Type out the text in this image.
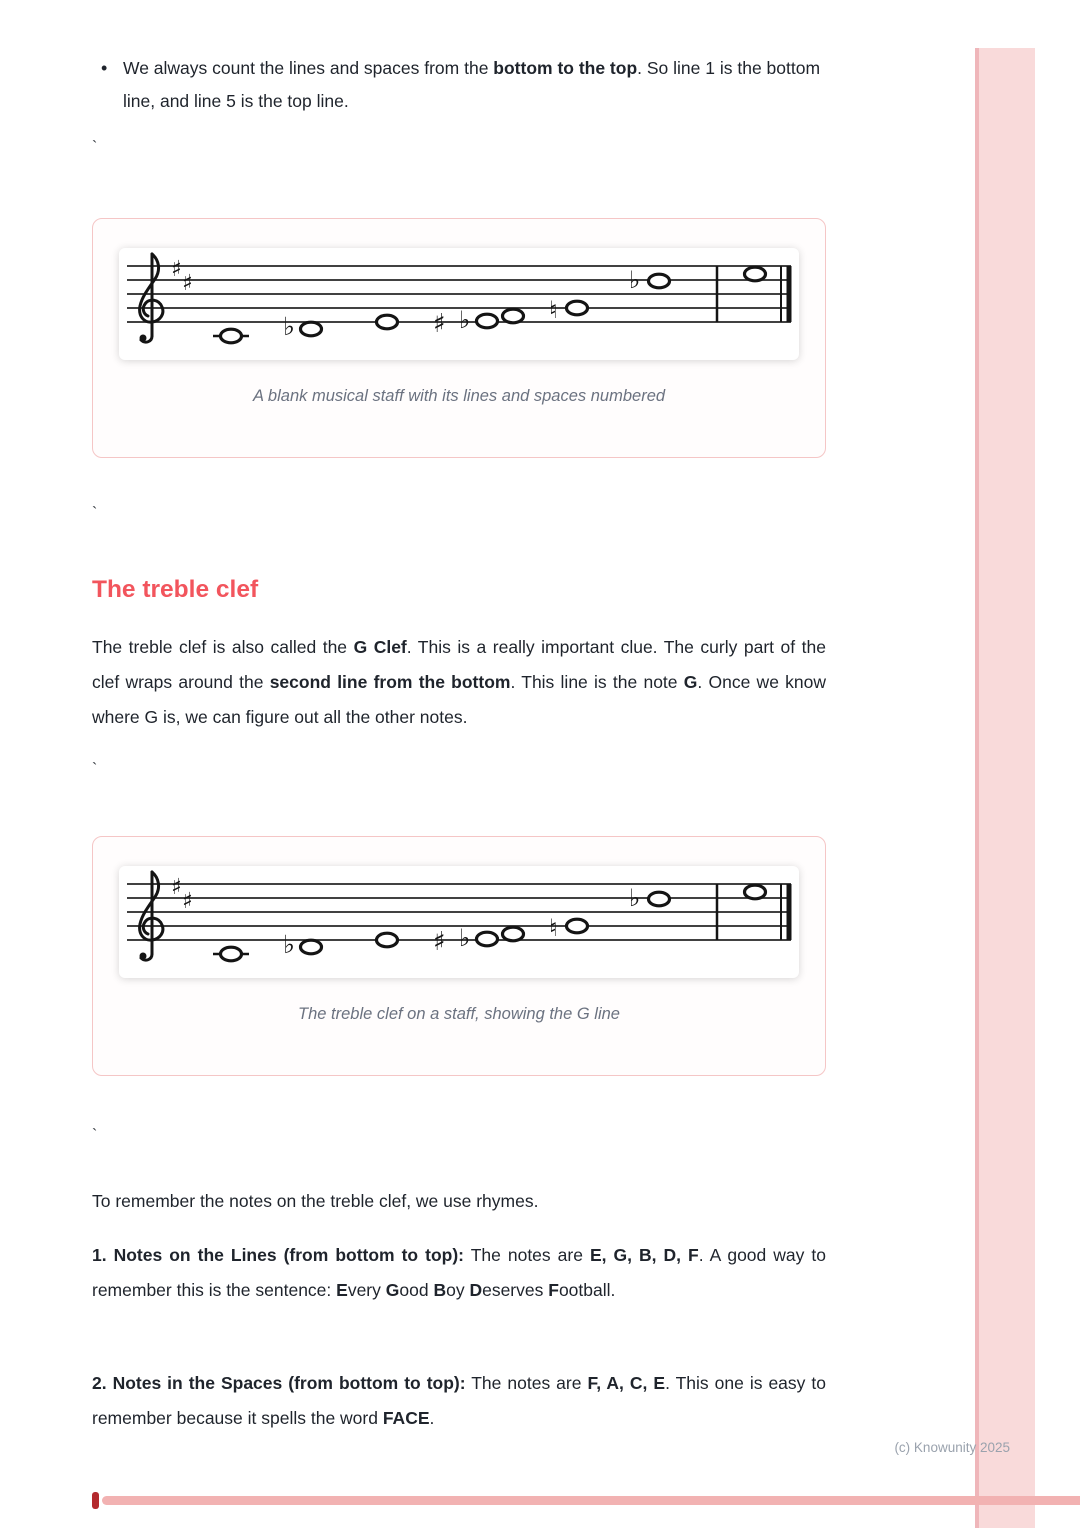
• We always count the lines and spaces from the bottom to the top. So line 1 is the bottom line, and line 5 is the top line.

`
♯
♯
♭	♯ ♭	♮
♭
A blank musical staff with its lines and spaces numbered
`
The treble clef

The treble clef is also called the G Clef. This is a really important clue. The curly part of the clef wraps around the second line from the bottom. This line is the note G. Once we know where G is, we can figure out all the other notes.

`
♯
♯
♭	♯ ♭	♮
♭
The treble clef on a staff, showing the G line
`

To remember the notes on the treble clef, we use rhymes.

1. Notes on the Lines (from bottom to top): The notes are E, G, B, D, F. A good way to remember this is the sentence: Every Good Boy Deserves Football.

2. Notes in the Spaces (from bottom to top): The notes are F, A, C, E. This one is easy to remember because it spells the word FACE.

(c) Knowunity 2025
